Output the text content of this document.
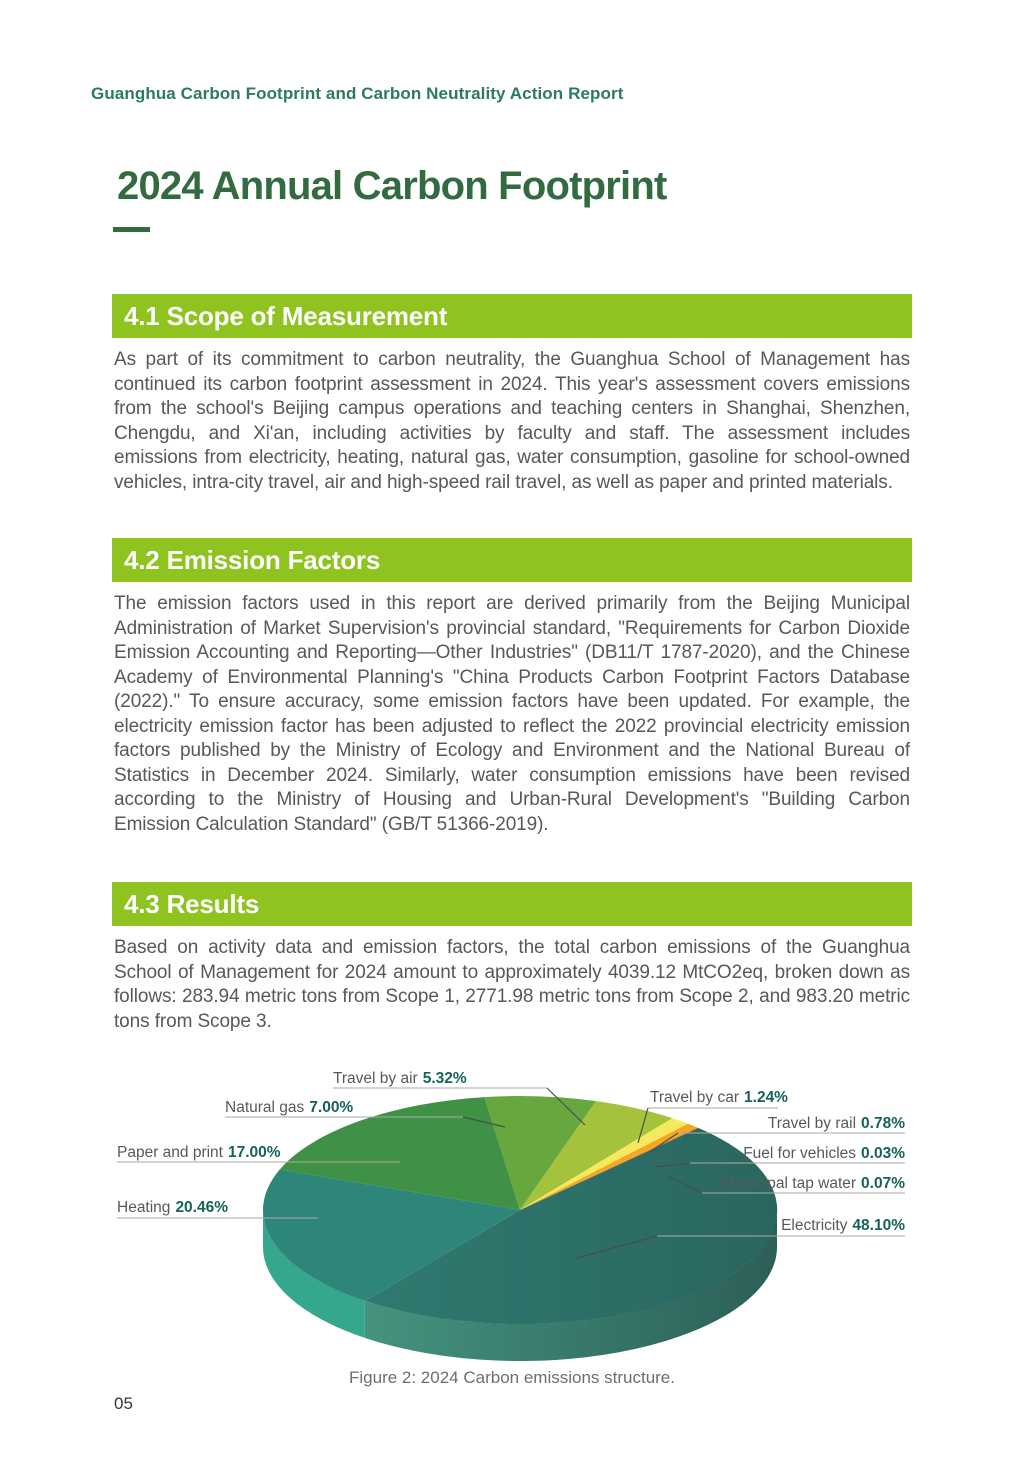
Guanghua Carbon Footprint and Carbon Neutrality Action Report
2024 Annual Carbon Footprint
4.1 Scope of Measurement

As part of its commitment to carbon neutrality, the Guanghua School of Management has continued its carbon footprint assessment in 2024. This year's assessment covers emissions from the school's Beijing campus operations and teaching centers in Shanghai, Shenzhen, Chengdu, and Xi'an, including activities by faculty and staff. The assessment includes emissions from electricity, heating, natural gas, water consumption, gasoline for school-owned vehicles, intra-city travel, air and high-speed rail travel, as well as paper and printed materials.

4.2 Emission Factors

The emission factors used in this report are derived primarily from the Beijing Municipal Administration of Market Supervision's provincial standard, "Requirements for Carbon Dioxide Emission Accounting and Reporting—Other Industries" (DB11/T 1787-2020), and the Chinese Academy of Environmental Planning's "China Products Carbon Footprint Factors Database (2022)." To ensure accuracy, some emission factors have been updated. For example, the electricity emission factor has been adjusted to reflect the 2022 provincial electricity emission factors published by the Ministry of Ecology and Environment and the National Bureau of Statistics in December 2024. Similarly, water consumption emissions have been revised according to the Ministry of Housing and Urban-Rural Development's "Building Carbon Emission Calculation Standard" (GB/T 51366-2019).

4.3 Results

Based on activity data and emission factors, the total carbon emissions of the Guanghua School of Management for 2024 amount to approximately 4039.12 MtCO2eq, broken down as follows: 283.94 metric tons from Scope 1, 2771.98 metric tons from Scope 2, and 983.20 metric tons from Scope 3.

Figure 2: 2024 Carbon emissions structure.
Electricity 48.10%
Heating 20.46%
Paper and print 17.00%
Natural gas 7.00%
Travel by air 5.32%
Travel by car 1.24%
Travel by rail 0.78%
Fuel for vehicles 0.03%
Municipal tap water 0.07%
05
